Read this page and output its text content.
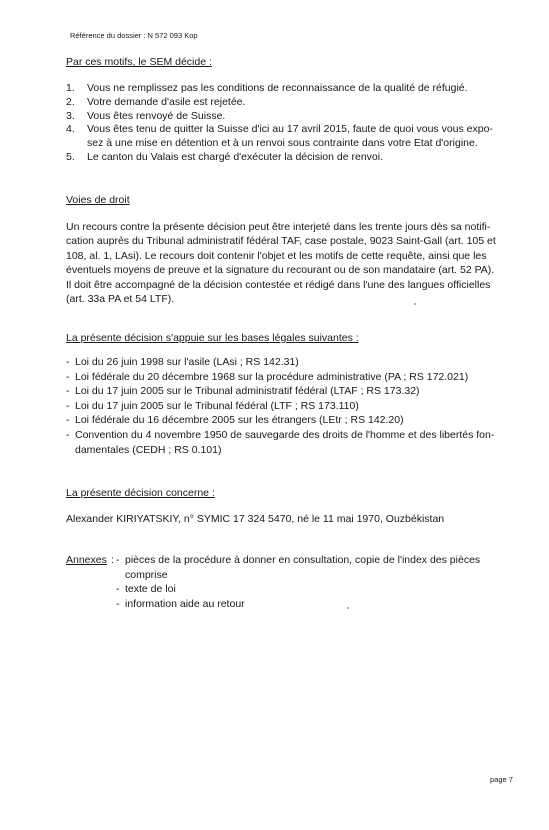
Référence du dossier : N 572 093 Kop
Par ces motifs, le SEM décide :
1. Vous ne remplissez pas les conditions de reconnaissance de la qualité de réfugié.
2. Votre demande d'asile est rejetée.
3. Vous êtes renvoyé de Suisse.
4. Vous êtes tenu de quitter la Suisse d'ici au 17 avril 2015, faute de quoi vous vous expo-
sez à une mise en détention et à un renvoi sous contrainte dans votre Etat d'origine.
5. Le canton du Valais est chargé d'exécuter la décision de renvoi.
Voies de droit
Un recours contre la présente décision peut être interjeté dans les trente jours dès sa notifi-
cation auprès du Tribunal administratif fédéral TAF, case postale, 9023 Saint-Gall (art. 105 et
108, al. 1, LAsi). Le recours doit contenir l'objet et les motifs de cette requête, ainsi que les
éventuels moyens de preuve et la signature du recourant ou de son mandataire (art. 52 PA).
Il doit être accompagné de la décision contestée et rédigé dans l'une des langues officielles
(art. 33a PA et 54 LTF).
La présente décision s'appuie sur les bases légales suivantes :
- Loi du 26 juin 1998 sur l'asile (LAsi ; RS 142.31)
- Loi fédérale du 20 décembre 1968 sur la procédure administrative (PA ; RS 172.021)
- Loi du 17 juin 2005 sur le Tribunal administratif fédéral (LTAF ; RS 173.32)
- Loi du 17 juin 2005 sur le Tribunal fédéral (LTF ; RS 173.110)
- Loi fédérale du 16 décembre 2005 sur les étrangers (LEtr ; RS 142.20)
- Convention du 4 novembre 1950 de sauvegarde des droits de l'homme et des libertés fon-
damentales (CEDH ; RS 0.101)
La présente décision concerne :
Alexander KIRIYATSKIY, n° SYMIC 17 324 5470, né le 11 mai 1970, Ouzbékistan
Annexes : - pièces de la procédure à donner en consultation, copie de l'index des pièces
comprise
- texte de loi
- information aide au retour
page 7
